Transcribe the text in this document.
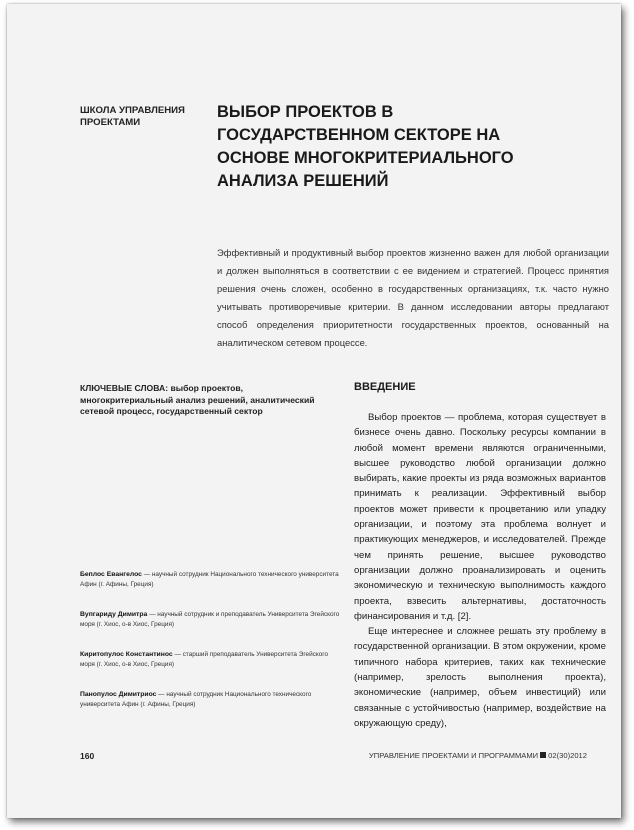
ШКОЛА УПРАВЛЕНИЯ ПРОЕКТАМИ
ВЫБОР ПРОЕКТОВ В ГОСУДАРСТВЕННОМ СЕКТОРЕ НА ОСНОВЕ МНОГОКРИТЕРИАЛЬНОГО АНАЛИЗА РЕШЕНИЙ

Эффективный и продуктивный выбор проектов жизненно важен для любой организации и должен выполняться в соответствии с ее видением и стратегией. Процесс принятия решения очень сложен, особенно в государственных организациях, т.к. часто нужно учитывать противоречивые критерии. В данном исследовании авторы предлагают способ определения приоритетности государственных проектов, основанный на аналитическом сетевом процессе.

КЛЮЧЕВЫЕ СЛОВА: выбор проектов, многокритериальный анализ решений, аналитический сетевой процесс, государственный сектор

ВВЕДЕНИЕ

Выбор проектов — проблема, которая существует в бизнесе очень давно. Поскольку ресурсы компании в любой момент времени являются ограниченными, высшее руководство любой организации должно выбирать, какие проекты из ряда возможных вариантов принимать к реализации. Эффективный выбор проектов может привести к процветанию или упадку организации, и поэтому эта проблема волнует и практикующих менеджеров, и исследователей. Прежде чем принять решение, высшее руководство организации должно проанализировать и оценить экономическую и техническую выполнимость каждого проекта, взвесить альтернативы, достаточность финансирования и т.д. [2].

Еще интереснее и сложнее решать эту проблему в государственной организации. В этом окружении, кроме типичного набора критериев, таких как технические (например, зрелость выполнения проекта), экономические (например, объем инвестиций) или связанные с устойчивостью (например, воздействие на окружающую среду),

Беплос Евангелос — научный сотрудник Национального технического университета Афин (г. Афины, Греция)

Вупгариду Димитра — научный сотрудник и преподаватель Университета Эгейского моря (г. Хиос, о-в Хиос, Греция)

Киритопулос Константинос — старший преподаватель Университета Эгейского моря (г. Хиос, о-в Хиос, Греция)

Панопулос Димитриос — научный сотрудник Национального технического университета Афин (г. Афины, Греция)

160	УПРАВЛЕНИЕ ПРОЕКТАМИ И ПРОГРАММАМИ 02(30)2012
